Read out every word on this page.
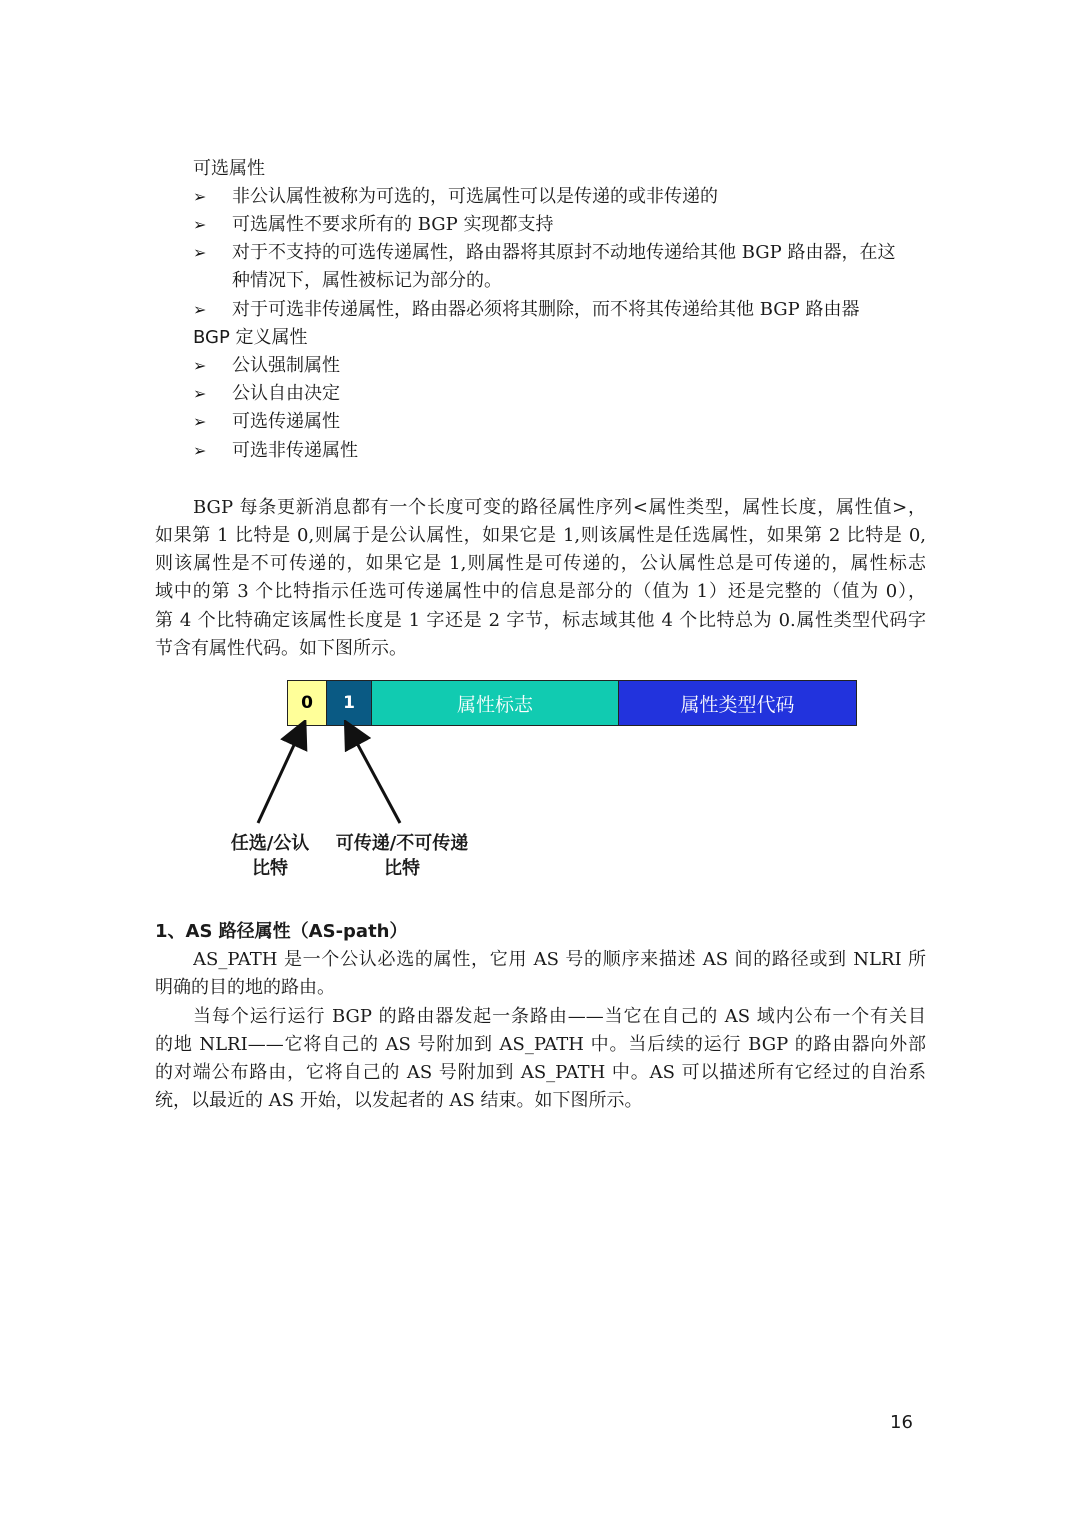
可选属性
➢	非公认属性被称为可选的，可选属性可以是传递的或非传递的
➢	可选属性不要求所有的 BGP 实现都支持
➢	对于不支持的可选传递属性，路由器将其原封不动地传递给其他 BGP 路由器，在这
种情况下，属性被标记为部分的。
➢	对于可选非传递属性，路由器必须将其删除，而不将其传递给其他 BGP 路由器
BGP 定义属性
➢	公认强制属性
➢	公认自由决定
➢	可选传递属性
➢	可选非传递属性
BGP 每条更新消息都有一个长度可变的路径属性序列<属性类型，属性长度，属性值>，
如果第 1 比特是 0,则属于是公认属性，如果它是 1,则该属性是任选属性，如果第 2 比特是 0,
则该属性是不可传递的，如果它是 1,则属性是可传递的，公认属性总是可传递的，属性标志
域中的第 3 个比特指示任选可传递属性中的信息是部分的（值为 1）还是完整的（值为 0），
第 4 个比特确定该属性长度是 1 字还是 2 字节，标志域其他 4 个比特总为 0.属性类型代码字
节含有属性代码。如下图所示。
0	1	属性标志	属性类型代码
任选/公认
比特
可传递/不可传递
比特
1、AS 路径属性（AS-path）
AS_PATH 是一个公认必选的属性，它用 AS 号的顺序来描述 AS 间的路径或到 NLRI 所
明确的目的地的路由。
当每个运行运行 BGP 的路由器发起一条路由——当它在自己的 AS 域内公布一个有关目
的地 NLRI——它将自己的 AS 号附加到 AS_PATH 中。当后续的运行 BGP 的路由器向外部
的对端公布路由，它将自己的 AS 号附加到 AS_PATH 中。AS 可以描述所有它经过的自治系
统，以最近的 AS 开始，以发起者的 AS 结束。如下图所示。
16
